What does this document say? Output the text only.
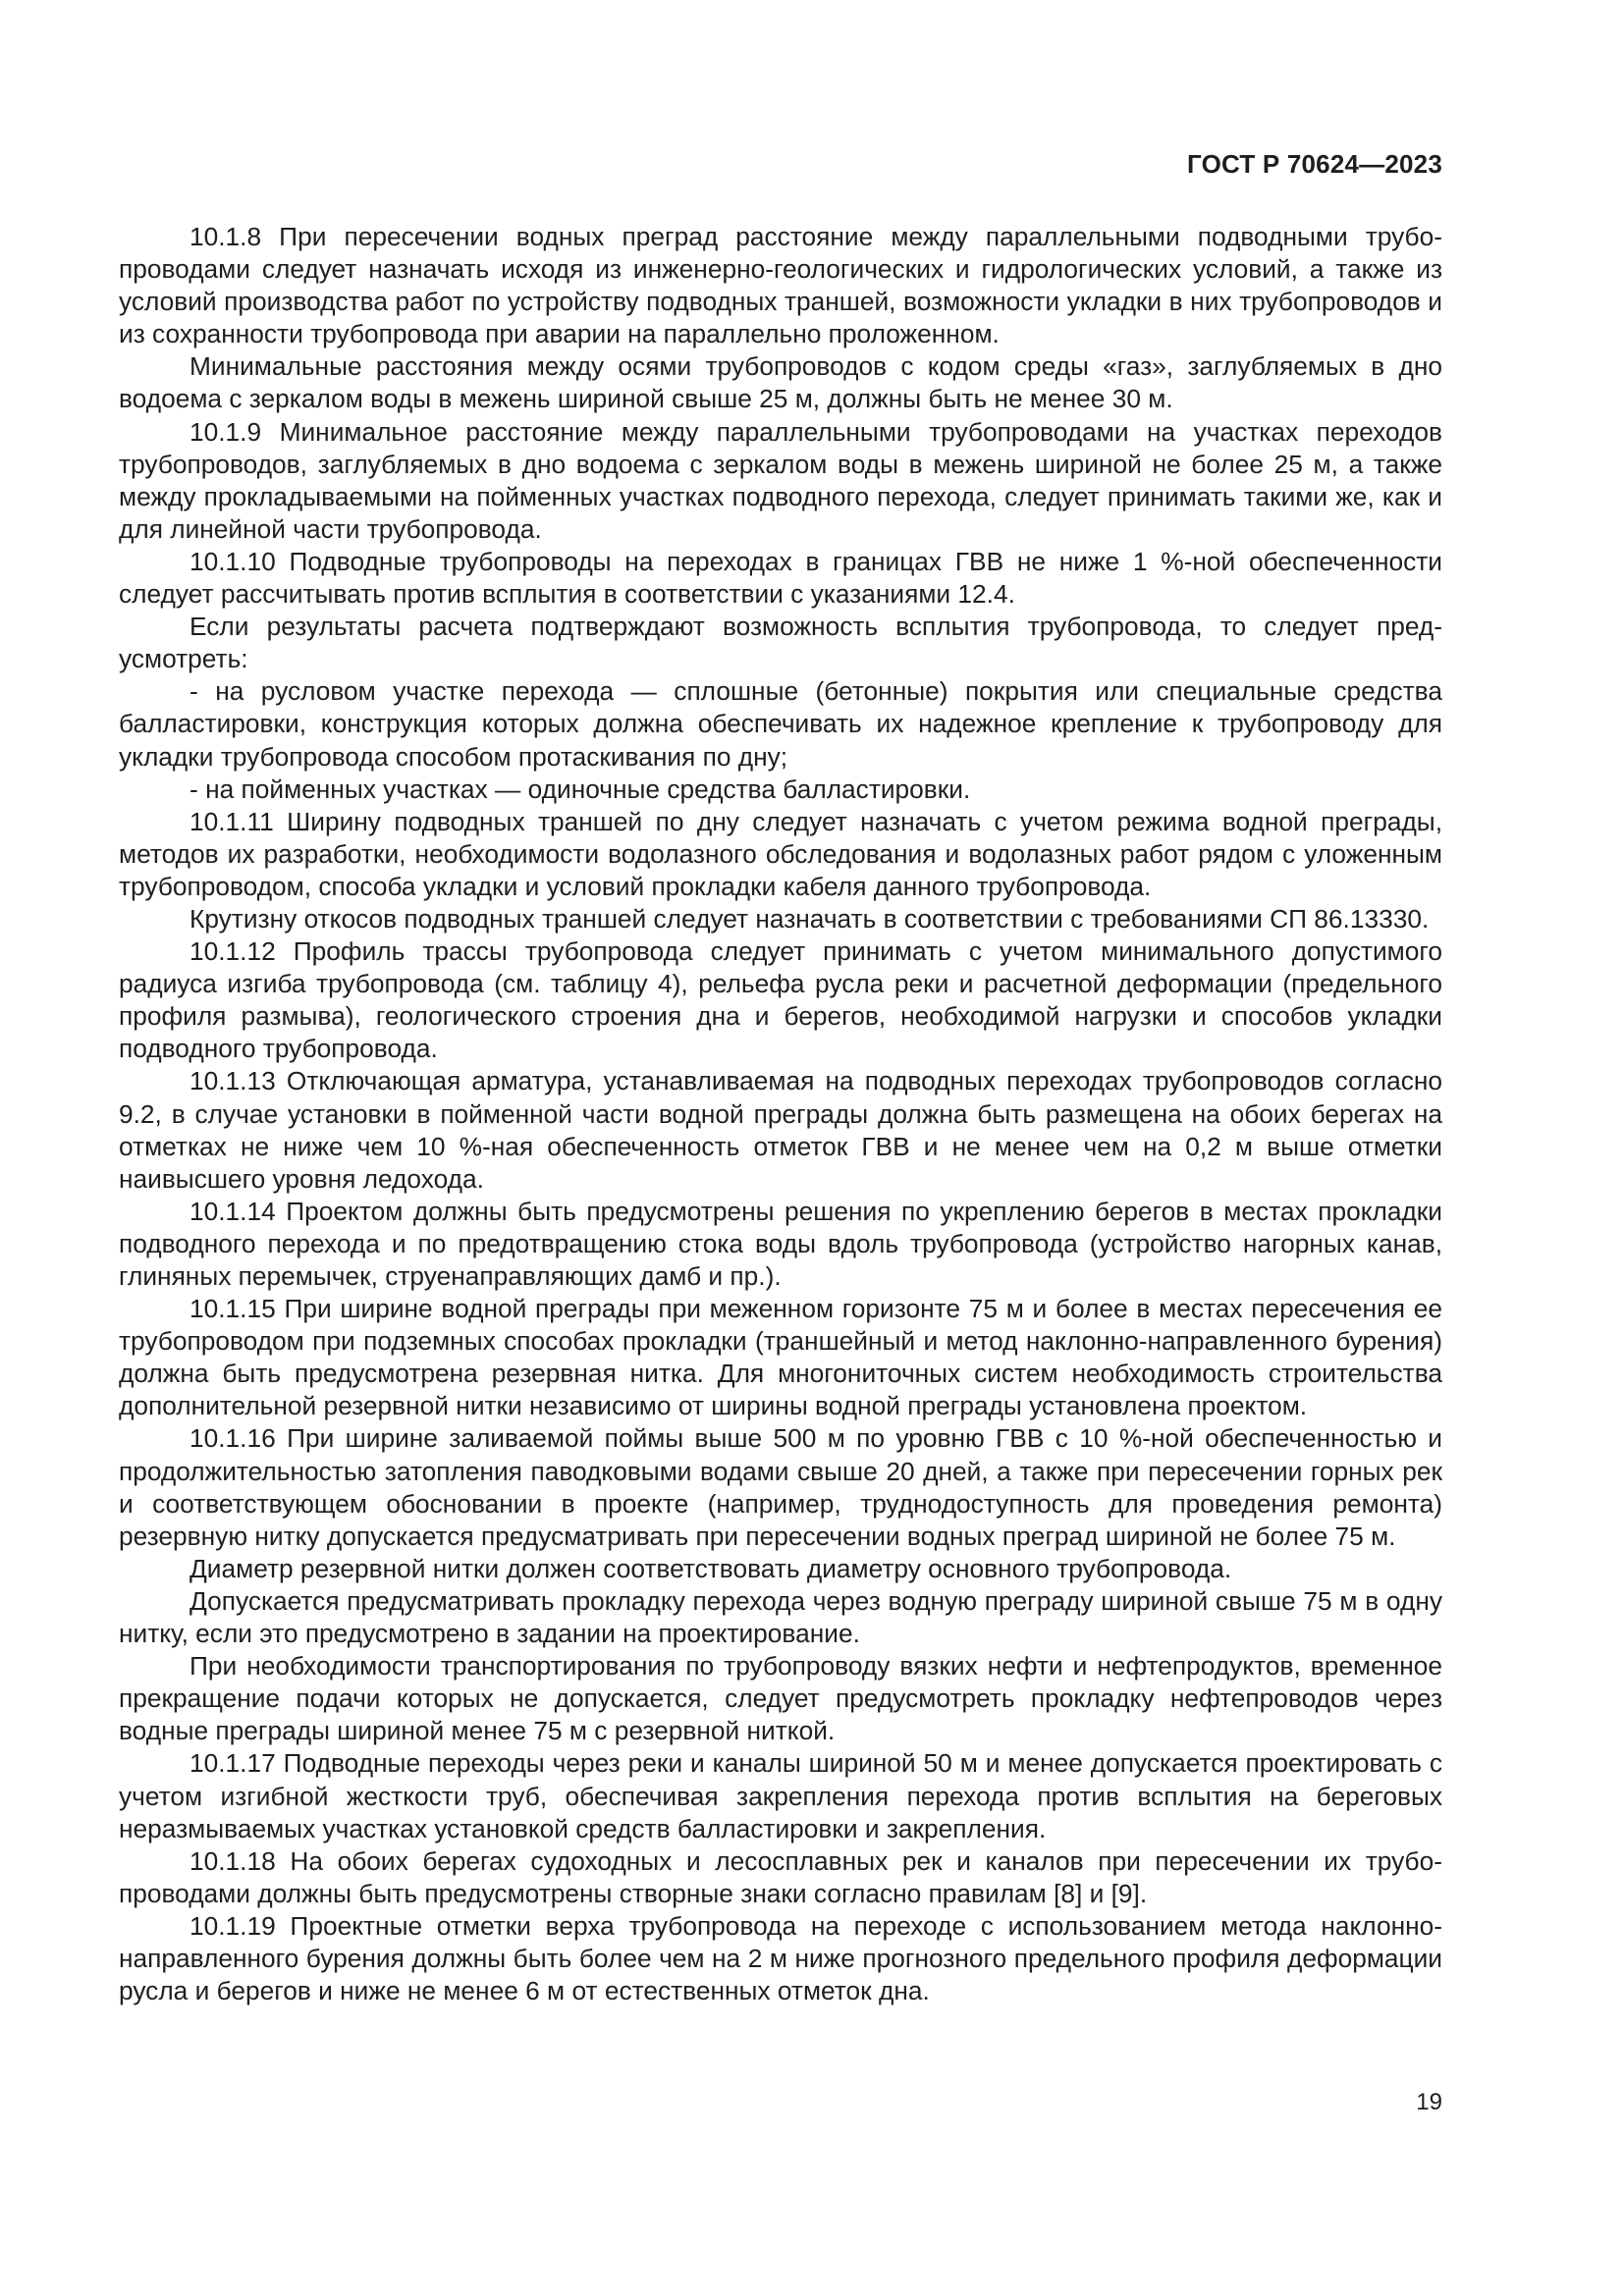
ГОСТ Р 70624—2023

10.1.8 При пересечении водных преград расстояние между параллельными подводными трубопроводами следует назначать исходя из инженерно-геологических и гидрологических условий, а также из условий производства работ по устройству подводных траншей, возможности укладки в них трубопроводов и из сохранности трубопровода при аварии на параллельно проложенном.

Минимальные расстояния между осями трубопроводов с кодом среды «газ», заглубляемых в дно водоема с зеркалом воды в межень шириной свыше 25 м, должны быть не менее 30 м.

10.1.9 Минимальное расстояние между параллельными трубопроводами на участках переходов трубопроводов, заглубляемых в дно водоема с зеркалом воды в межень шириной не более 25 м, а также между прокладываемыми на пойменных участках подводного перехода, следует принимать такими же, как и для линейной части трубопровода.

10.1.10 Подводные трубопроводы на переходах в границах ГВВ не ниже 1 %-ной обеспеченности следует рассчитывать против всплытия в соответствии с указаниями 12.4.

Если результаты расчета подтверждают возможность всплытия трубопровода, то следует предусмотреть:

- на русловом участке перехода — сплошные (бетонные) покрытия или специальные средства балластировки, конструкция которых должна обеспечивать их надежное крепление к трубопроводу для укладки трубопровода способом протаскивания по дну;

- на пойменных участках — одиночные средства балластировки.

10.1.11 Ширину подводных траншей по дну следует назначать с учетом режима водной преграды, методов их разработки, необходимости водолазного обследования и водолазных работ рядом с уложенным трубопроводом, способа укладки и условий прокладки кабеля данного трубопровода.

Крутизну откосов подводных траншей следует назначать в соответствии с требованиями СП 86.13330.

10.1.12 Профиль трассы трубопровода следует принимать с учетом минимального допустимого радиуса изгиба трубопровода (см. таблицу 4), рельефа русла реки и расчетной деформации (предельного профиля размыва), геологического строения дна и берегов, необходимой нагрузки и способов укладки подводного трубопровода.

10.1.13 Отключающая арматура, устанавливаемая на подводных переходах трубопроводов согласно 9.2, в случае установки в пойменной части водной преграды должна быть размещена на обоих берегах на отметках не ниже чем 10 %-ная обеспеченность отметок ГВВ и не менее чем на 0,2 м выше отметки наивысшего уровня ледохода.

10.1.14 Проектом должны быть предусмотрены решения по укреплению берегов в местах прокладки подводного перехода и по предотвращению стока воды вдоль трубопровода (устройство нагорных канав, глиняных перемычек, струенаправляющих дамб и пр.).

10.1.15 При ширине водной преграды при меженном горизонте 75 м и более в местах пересечения ее трубопроводом при подземных способах прокладки (траншейный и метод наклонно-направленного бурения) должна быть предусмотрена резервная нитка. Для многониточных систем необходимость строительства дополнительной резервной нитки независимо от ширины водной преграды установлена проектом.

10.1.16 При ширине заливаемой поймы выше 500 м по уровню ГВВ с 10 %-ной обеспеченностью и продолжительностью затопления паводковыми водами свыше 20 дней, а также при пересечении горных рек и соответствующем обосновании в проекте (например, труднодоступность для проведения ремонта) резервную нитку допускается предусматривать при пересечении водных преград шириной не более 75 м.

Диаметр резервной нитки должен соответствовать диаметру основного трубопровода.

Допускается предусматривать прокладку перехода через водную преграду шириной свыше 75 м в одну нитку, если это предусмотрено в задании на проектирование.

При необходимости транспортирования по трубопроводу вязких нефти и нефтепродуктов, временное прекращение подачи которых не допускается, следует предусмотреть прокладку нефтепроводов через водные преграды шириной менее 75 м с резервной ниткой.

10.1.17 Подводные переходы через реки и каналы шириной 50 м и менее допускается проектировать с учетом изгибной жесткости труб, обеспечивая закрепления перехода против всплытия на береговых неразмываемых участках установкой средств балластировки и закрепления.

10.1.18 На обоих берегах судоходных и лесосплавных рек и каналов при пересечении их трубопроводами должны быть предусмотрены створные знаки согласно правилам [8] и [9].

10.1.19 Проектные отметки верха трубопровода на переходе с использованием метода наклонно-направленного бурения должны быть более чем на 2 м ниже прогнозного предельного профиля деформации русла и берегов и ниже не менее 6 м от естественных отметок дна.

19
